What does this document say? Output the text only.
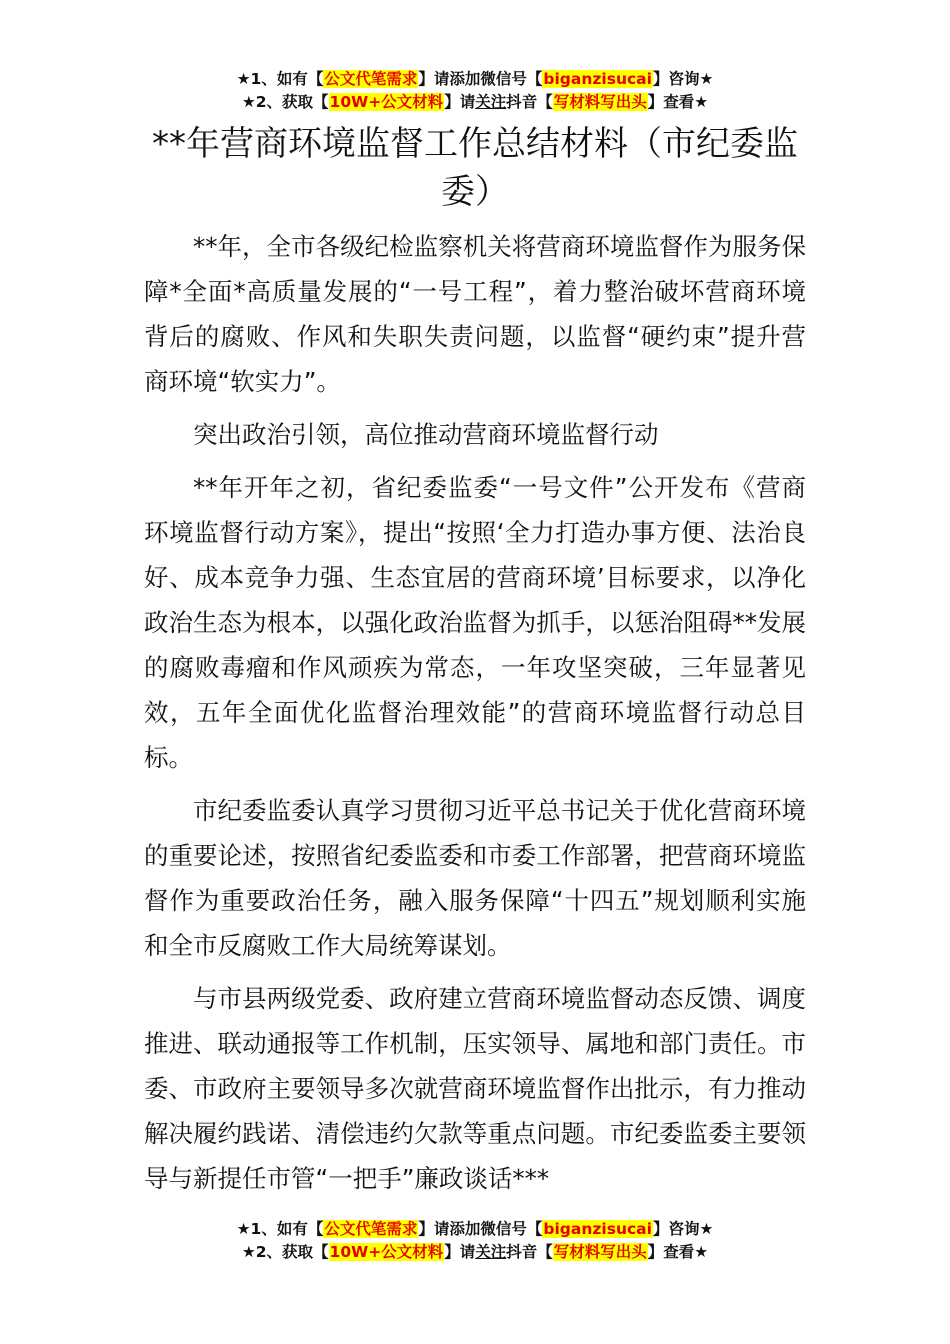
★1、如有【公文代笔需求】请添加微信号【biganzisucai】咨询★
★2、获取【10W+公文材料】请关注抖音【写材料写出头】查看★
**年营商环境监督工作总结材料（市纪委监委）

**年，全市各级纪检监察机关将营商环境监督作为服务保障*全面*高质量发展的“一号工程”，着力整治破坏营商环境背后的腐败、作风和失职失责问题，以监督“硬约束”提升营商环境“软实力”。

突出政治引领，高位推动营商环境监督行动

**年开年之初，省纪委监委“一号文件”公开发布《营商环境监督行动方案》，提出“按照‘全力打造办事方便、法治良好、成本竞争力强、生态宜居的营商环境’目标要求，以净化政治生态为根本，以强化政治监督为抓手，以惩治阻碍**发展的腐败毒瘤和作风顽疾为常态，一年攻坚突破，三年显著见效，五年全面优化监督治理效能”的营商环境监督行动总目标。

市纪委监委认真学习贯彻习近平总书记关于优化营商环境的重要论述，按照省纪委监委和市委工作部署，把营商环境监督作为重要政治任务，融入服务保障“十四五”规划顺利实施和全市反腐败工作大局统筹谋划。

与市县两级党委、政府建立营商环境监督动态反馈、调度推进、联动通报等工作机制，压实领导、属地和部门责任。市委、市政府主要领导多次就营商环境监督作出批示，有力推动解决履约践诺、清偿违约欠款等重点问题。市纪委监委主要领导与新提任市管“一把手”廉政谈话***

★1、如有【公文代笔需求】请添加微信号【biganzisucai】咨询★
★2、获取【10W+公文材料】请关注抖音【写材料写出头】查看★
